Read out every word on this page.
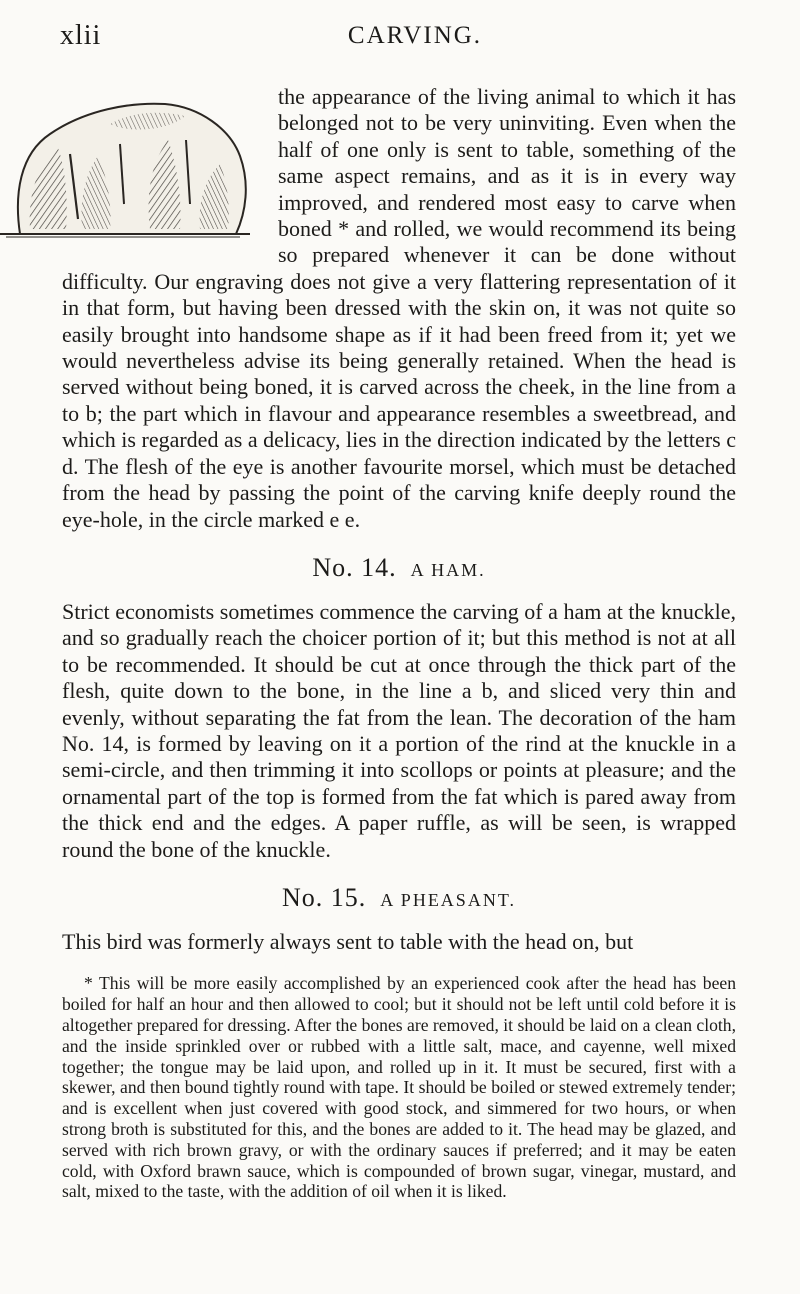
xlii	CARVING.

the appearance of the living animal to which it has belonged not to be very uninviting. Even when the half of one only is sent to table, something of the same aspect remains, and as it is in every way improved, and rendered most easy to carve when boned * and rolled, we would recommend its being so prepared whenever it can be done without difficulty. Our engraving does not give a very flattering representation of it in that form, but having been dressed with the skin on, it was not quite so easily brought into handsome shape as if it had been freed from it; yet we would nevertheless advise its being generally retained. When the head is served without being boned, it is carved across the cheek, in the line from a to b; the part which in flavour and appearance resembles a sweetbread, and which is regarded as a delicacy, lies in the direction indicated by the letters c d. The flesh of the eye is another favourite morsel, which must be detached from the head by passing the point of the carving knife deeply round the eye-hole, in the circle marked e e.

No. 14. A HAM.

Strict economists sometimes commence the carving of a ham at the knuckle, and so gradually reach the choicer portion of it; but this method is not at all to be recommended. It should be cut at once through the thick part of the flesh, quite down to the bone, in the line a b, and sliced very thin and evenly, without separating the fat from the lean. The decoration of the ham No. 14, is formed by leaving on it a portion of the rind at the knuckle in a semi-circle, and then trimming it into scollops or points at pleasure; and the ornamental part of the top is formed from the fat which is pared away from the thick end and the edges. A paper ruffle, as will be seen, is wrapped round the bone of the knuckle.

No. 15. A PHEASANT.

This bird was formerly always sent to table with the head on, but

* This will be more easily accomplished by an experienced cook after the head has been boiled for half an hour and then allowed to cool; but it should not be left until cold before it is altogether prepared for dressing. After the bones are removed, it should be laid on a clean cloth, and the inside sprinkled over or rubbed with a little salt, mace, and cayenne, well mixed together; the tongue may be laid upon, and rolled up in it. It must be secured, first with a skewer, and then bound tightly round with tape. It should be boiled or stewed extremely tender; and is excellent when just covered with good stock, and simmered for two hours, or when strong broth is substituted for this, and the bones are added to it. The head may be glazed, and served with rich brown gravy, or with the ordinary sauces if preferred; and it may be eaten cold, with Oxford brawn sauce, which is compounded of brown sugar, vinegar, mustard, and salt, mixed to the taste, with the addition of oil when it is liked.
